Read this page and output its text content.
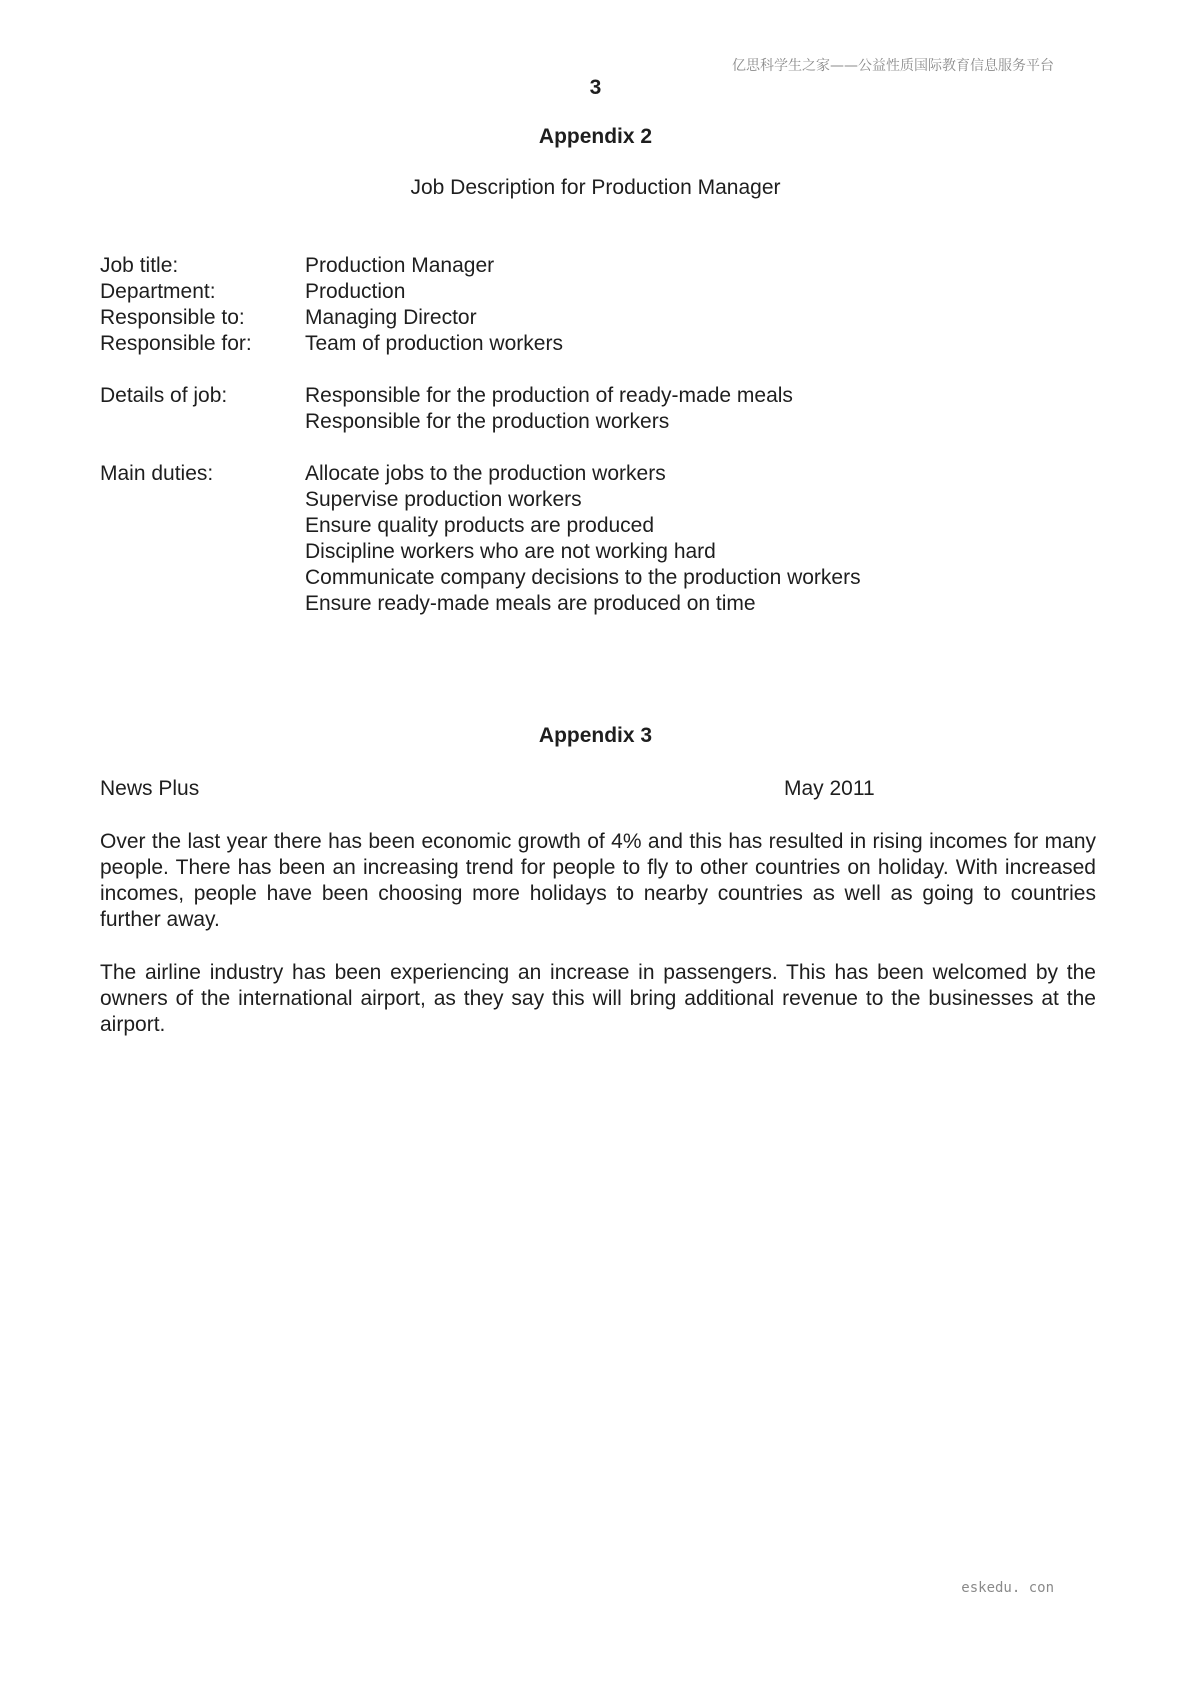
亿思科学生之家——公益性质国际教育信息服务平台
3
Appendix 2
Job Description for Production Manager
Job title:	Production Manager
Department:	Production
Responsible to:	Managing Director
Responsible for:	Team of production workers
Details of job:	Responsible for the production of ready-made meals
Responsible for the production workers
Main duties:	Allocate jobs to the production workers
Supervise production workers
Ensure quality products are produced
Discipline workers who are not working hard
Communicate company decisions to the production workers
Ensure ready-made meals are produced on time
Appendix 3
News Plus	May 2011

Over the last year there has been economic growth of 4% and this has resulted in rising incomes for many people. There has been an increasing trend for people to fly to other countries on holiday. With increased incomes, people have been choosing more holidays to nearby countries as well as going to countries further away.

The airline industry has been experiencing an increase in passengers. This has been welcomed by the owners of the international airport, as they say this will bring additional revenue to the businesses at the airport.

eskedu. con
